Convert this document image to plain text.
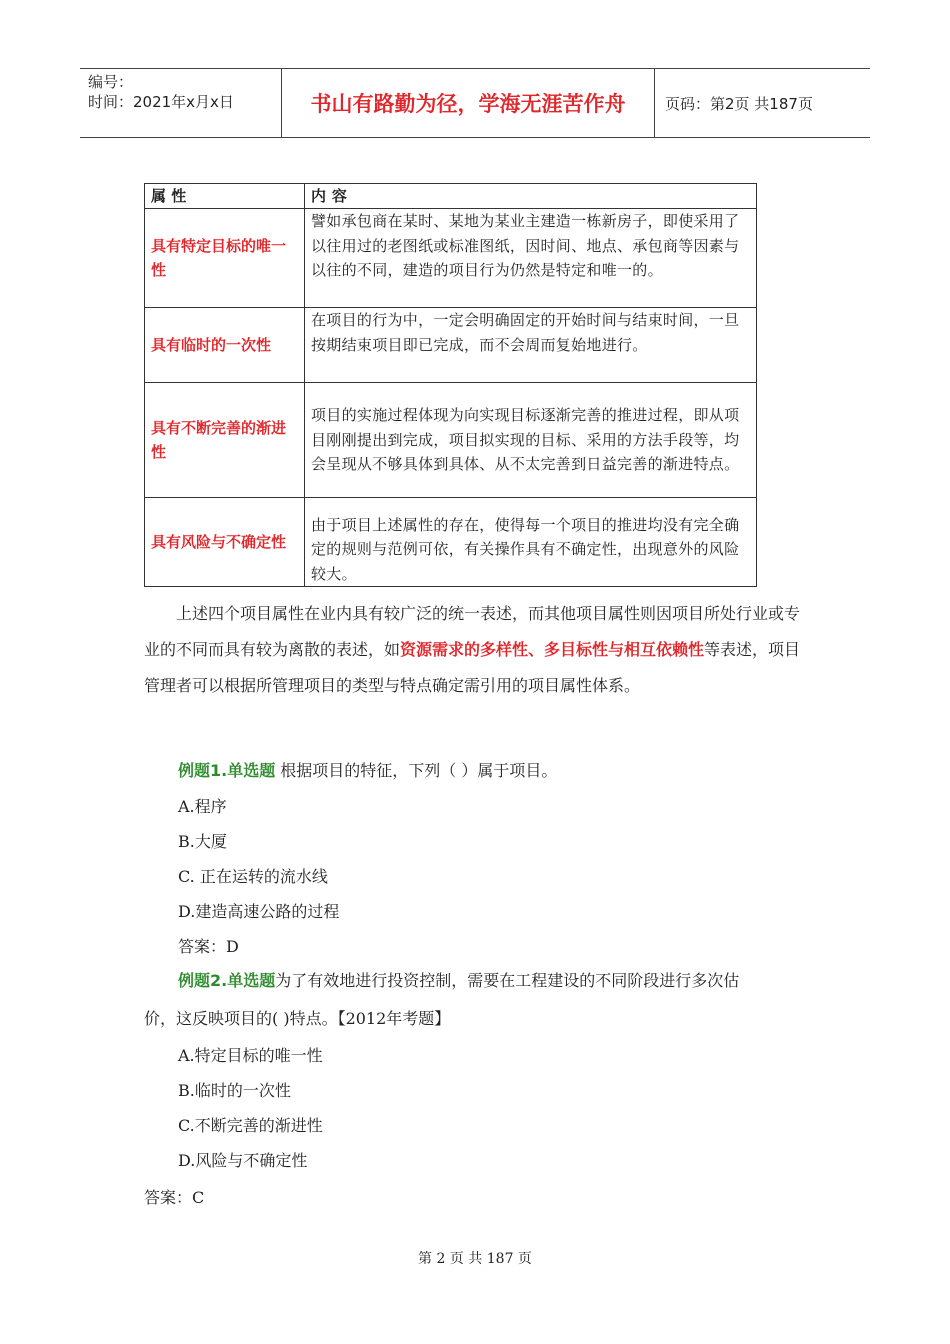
编号：
时间：2021年x月x日	书山有路勤为径，学海无涯苦作舟	页码：第2页 共187页
属 性	内 容
具有特定目标的唯一性	譬如承包商在某时、某地为某业主建造一栋新房子，即使采用了以往用过的老图纸或标准图纸，因时间、地点、承包商等因素与以往的不同，建造的项目行为仍然是特定和唯一的。
具有临时的一次性	在项目的行为中，一定会明确固定的开始时间与结束时间，一旦按期结束项目即已完成，而不会周而复始地进行。
具有不断完善的渐进性	项目的实施过程体现为向实现目标逐渐完善的推进过程，即从项目刚刚提出到完成，项目拟实现的目标、采用的方法手段等，均会呈现从不够具体到具体、从不太完善到日益完善的渐进特点。
具有风险与不确定性	由于项目上述属性的存在，使得每一个项目的推进均没有完全确定的规则与范例可依，有关操作具有不确定性，出现意外的风险较大。
上述四个项目属性在业内具有较广泛的统一表述，而其他项目属性则因项目所处行业或专业的不同而具有较为离散的表述，如资源需求的多样性、多目标性与相互依赖性等表述，项目管理者可以根据所管理项目的类型与特点确定需引用的项目属性体系。
例题1.单选题 根据项目的特征，下列（ ）属于项目。
A.程序
B.大厦
C. 正在运转的流水线
D.建造高速公路的过程
答案：D
例题2.单选题为了有效地进行投资控制，需要在工程建设的不同阶段进行多次估
价，这反映项目的( )特点。【2012年考题】
A.特定目标的唯一性
B.临时的一次性
C.不断完善的渐进性
D.风险与不确定性
答案：C
第 2 页 共 187 页
